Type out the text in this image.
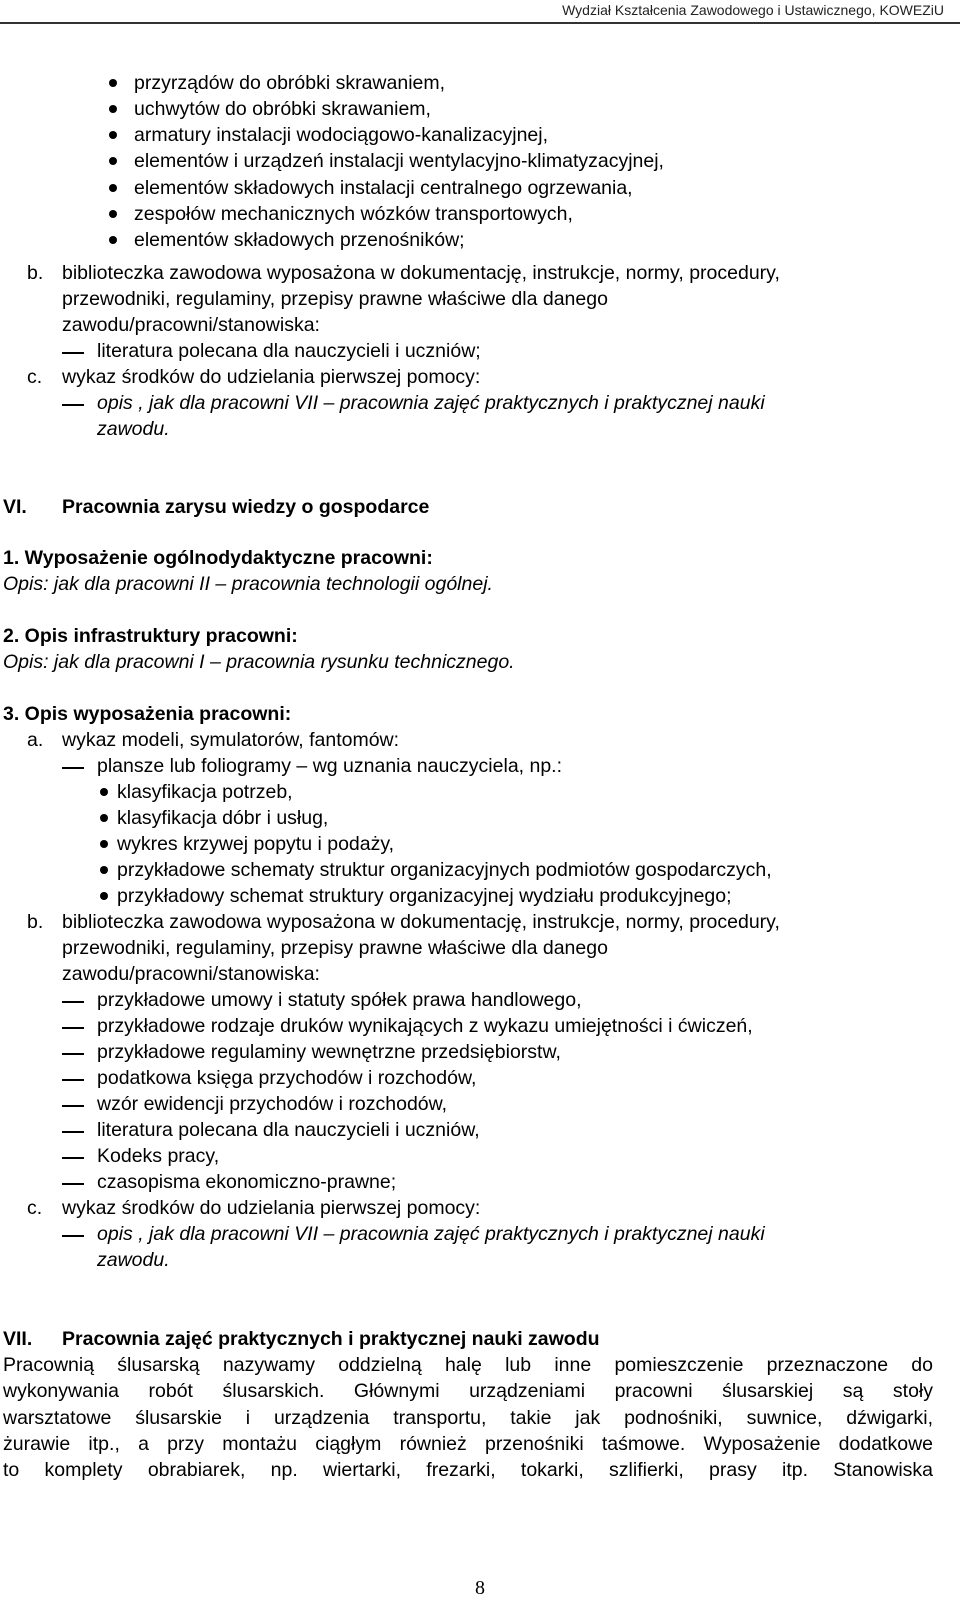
Wydział Kształcenia Zawodowego i Ustawicznego, KOWEZiU
przyrządów do obróbki skrawaniem,
uchwytów do obróbki skrawaniem,
armatury instalacji wodociągowo-kanalizacyjnej,
elementów i urządzeń instalacji wentylacyjno-klimatyzacyjnej,
elementów składowych instalacji centralnego ogrzewania,
zespołów mechanicznych wózków transportowych,
elementów składowych przenośników;
b. biblioteczka zawodowa wyposażona w dokumentację, instrukcje, normy, procedury,
przewodniki, regulaminy, przepisy prawne właściwe dla danego
zawodu/pracowni/stanowiska:
literatura polecana dla nauczycieli i uczniów;
c. wykaz środków do udzielania pierwszej pomocy:
opis , jak dla pracowni VII – pracownia zajęć praktycznych i praktycznej nauki
zawodu.
VI. Pracownia zarysu wiedzy o gospodarce
1. Wyposażenie ogólnodydaktyczne pracowni:
Opis: jak dla pracowni II – pracownia technologii ogólnej.
2. Opis infrastruktury pracowni:
Opis: jak dla pracowni I – pracownia rysunku technicznego.
3. Opis wyposażenia pracowni:
a. wykaz modeli, symulatorów, fantomów:
plansze lub foliogramy – wg uznania nauczyciela, np.:
klasyfikacja potrzeb,
klasyfikacja dóbr i usług,
wykres krzywej popytu i podaży,
przykładowe schematy struktur organizacyjnych podmiotów gospodarczych,
przykładowy schemat struktury organizacyjnej wydziału produkcyjnego;
b. biblioteczka zawodowa wyposażona w dokumentację, instrukcje, normy, procedury,
przewodniki, regulaminy, przepisy prawne właściwe dla danego
zawodu/pracowni/stanowiska:
przykładowe umowy i statuty spółek prawa handlowego,
przykładowe rodzaje druków wynikających z wykazu umiejętności i ćwiczeń,
przykładowe regulaminy wewnętrzne przedsiębiorstw,
podatkowa księga przychodów i rozchodów,
wzór ewidencji przychodów i rozchodów,
literatura polecana dla nauczycieli i uczniów,
Kodeks pracy,
czasopisma ekonomiczno-prawne;
c. wykaz środków do udzielania pierwszej pomocy:
opis , jak dla pracowni VII – pracownia zajęć praktycznych i praktycznej nauki
zawodu.
VII. Pracownia zajęć praktycznych i praktycznej nauki zawodu
Pracownią ślusarską nazywamy oddzielną halę lub inne pomieszczenie przeznaczone do
wykonywania robót ślusarskich. Głównymi urządzeniami pracowni ślusarskiej są stoły
warsztatowe ślusarskie i urządzenia transportu, takie jak podnośniki, suwnice, dźwigarki,
żurawie itp., a przy montażu ciągłym również przenośniki taśmowe. Wyposażenie dodatkowe
to komplety obrabiarek, np. wiertarki, frezarki, tokarki, szlifierki, prasy itp. Stanowiska
8
